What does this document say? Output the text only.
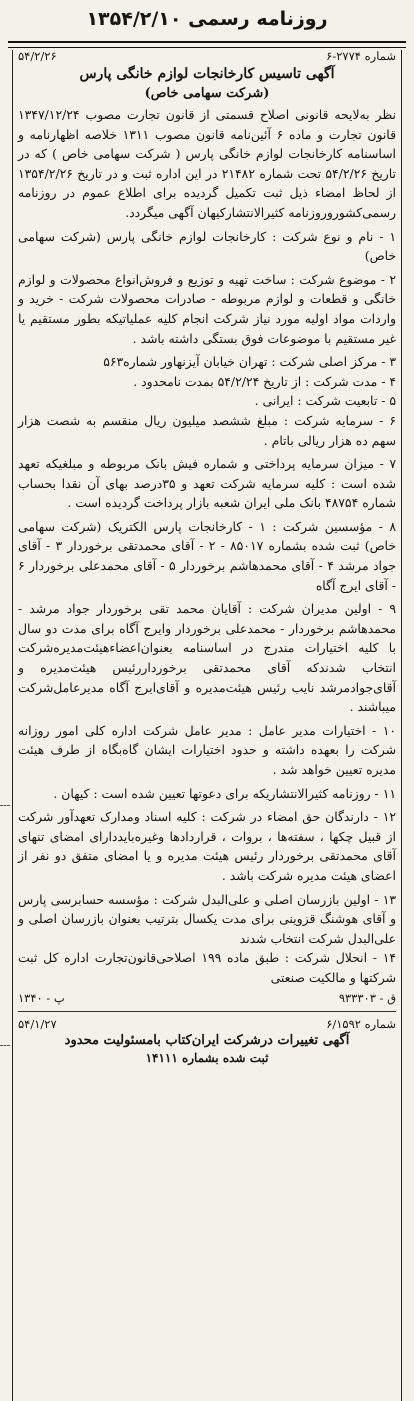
روزنامه رسمی ۱۳۵۴/۲/۱۰
شماره ۲۷۷۴-۶
۵۴/۲/۲۶
آگهی تاسیس کارخانجات لوازم خانگی پارس
(شرکت سهامی خاص)

نظر به‌لایحه قانونی اصلاح قسمتی از قانون تجارت مصوب ۱۳۴۷/۱۲/۲۴ قانون تجارت و ماده ۶ آئین‌نامه قانون مصوب ۱۳۱۱ خلاصه اظهارنامه و اساسنامه کارخانجات لوازم خانگی پارس ( شرکت سهامی خاص ) که در تاریخ ۵۴/۲/۲۶ تحت شماره ۲۱۴۸۲ در این اداره ثبت و در تاریخ ۱۳۵۴/۲/۲۶ از لحاظ امضاء ذیل ثبت تکمیل گردیده برای اطلاع عموم در روزنامه رسمی‌کشورو‌روزنامه کثیرالانتشارکیهان آگهی میگردد.

۱ - نام و نوع شرکت : کارخانجات لوازم خانگی پارس (شرکت سهامی خاص)

۲ - موضوع شرکت : ساخت تهیه و توزیع و فروش‌انواع محصولات و لوازم خانگی و قطعات و لوازم مربوطه - صادرات محصولات شرکت - خرید و واردات مواد اولیه مورد نیاز شرکت انجام کلیه عملیاتیکه بطور مستقیم یا غیر مستقیم با موضوعات فوق بستگی داشته باشد .

۳ - مرکز اصلی شرکت : تهران خیابان آیزنهاور شماره۵۶۳

۴ - مدت شرکت : از تاریخ ۵۴/۲/۲۴ بمدت نامحدود .

۵ - تابعیت شرکت : ایرانی .

۶ - سرمایه شرکت : مبلغ ششصد میلیون ریال منقسم به شصت هزار سهم ده هزار ریالی باتام .

۷ - میزان سرمایه پرداختی و شماره فیش بانک مربوطه و مبلغیکه تعهد شده است : کلیه سرمایه شرکت تعهد و ۳۵درصد بهای آن نقدا بحساب شماره ۴۸۷۵۴ بانک ملی ایران شعبه بازار پرداخت گردیده است .

۸ - مؤسسین شرکت : ۱ - کارخانجات پارس الکتریک (شرکت سهامی خاص) ثبت شده بشماره ۸۵۰۱۷ - ۲ - آقای محمدتقی برخوردار ۳ - آقای جواد مرشد ۴ - آقای محمدهاشم برخوردار ۵ - آقای محمدعلی برخوردار ۶ - آقای ایرج آگاه

۹ - اولین مدیران شرکت : آقایان محمد تقی برخوردار جواد مرشد - محمدهاشم برخوردار - محمدعلی برخوردار وایرج آگاه برای مدت دو سال با کلیه اختیارات مندرج در اساسنامه بعنوان‌اعضاء‌هیئت‌مدیره‌شرکت انتخاب شدندکه آقای محمدتقی برخوردار‌رئیس هیئت‌مدیره و آقای‌جوادمرشد نایب رئیس هیئت‌مدیره و آقای‌ایرج آگاه مدیرعامل‌شرکت میباشند .

۱۰ - اختیارات مدیر عامل : مدیر عامل شرکت اداره کلی امور روزانه شرکت را بعهده داشته و حدود اختیارات ایشان گاه‌بگاه از طرف هیئت مدیره تعیین خواهد شد .

۱۱ - روزنامه کثیرالانتشاریکه برای دعوتها تعیین شده است : کیهان .

۱۲ - دارندگان حق امضاء در شرکت : کلیه اسناد ومدارک تعهدآور شرکت از قبیل چکها ، سفته‌ها ، بروات ، قراردادها وغیره‌بایددارای امضای تنهای آقای محمدتقی برخوردار رئیس هیئت مدیره و یا امضای متفق دو نفر از اعضای هیئت مدیره شرکت باشد .

۱۳ - اولین بازرسان اصلی و علی‌البدل شرکت : مؤسسه حسابرسی پارس و آقای هوشنگ قزوینی برای مدت یکسال بترتیب بعنوان بازرسان اصلی و علی‌البدل شرکت انتخاب شدند

۱۴ - انحلال شرکت : طبق ماده ۱۹۹ اصلاحی‌قانون‌تجارت اداره کل ثبت شرکتها و مالکیت صنعتی

ق - ۹۳۳۳۰۳
پ - ۱۳۴۰
شماره ۶/۱۵۹۲
۵۴/۱/۲۷
آگهی تغییرات درشرکت ایران‌کتاب بامسئولیت محدود
ثبت شده بشماره ۱۴۱۱۱
